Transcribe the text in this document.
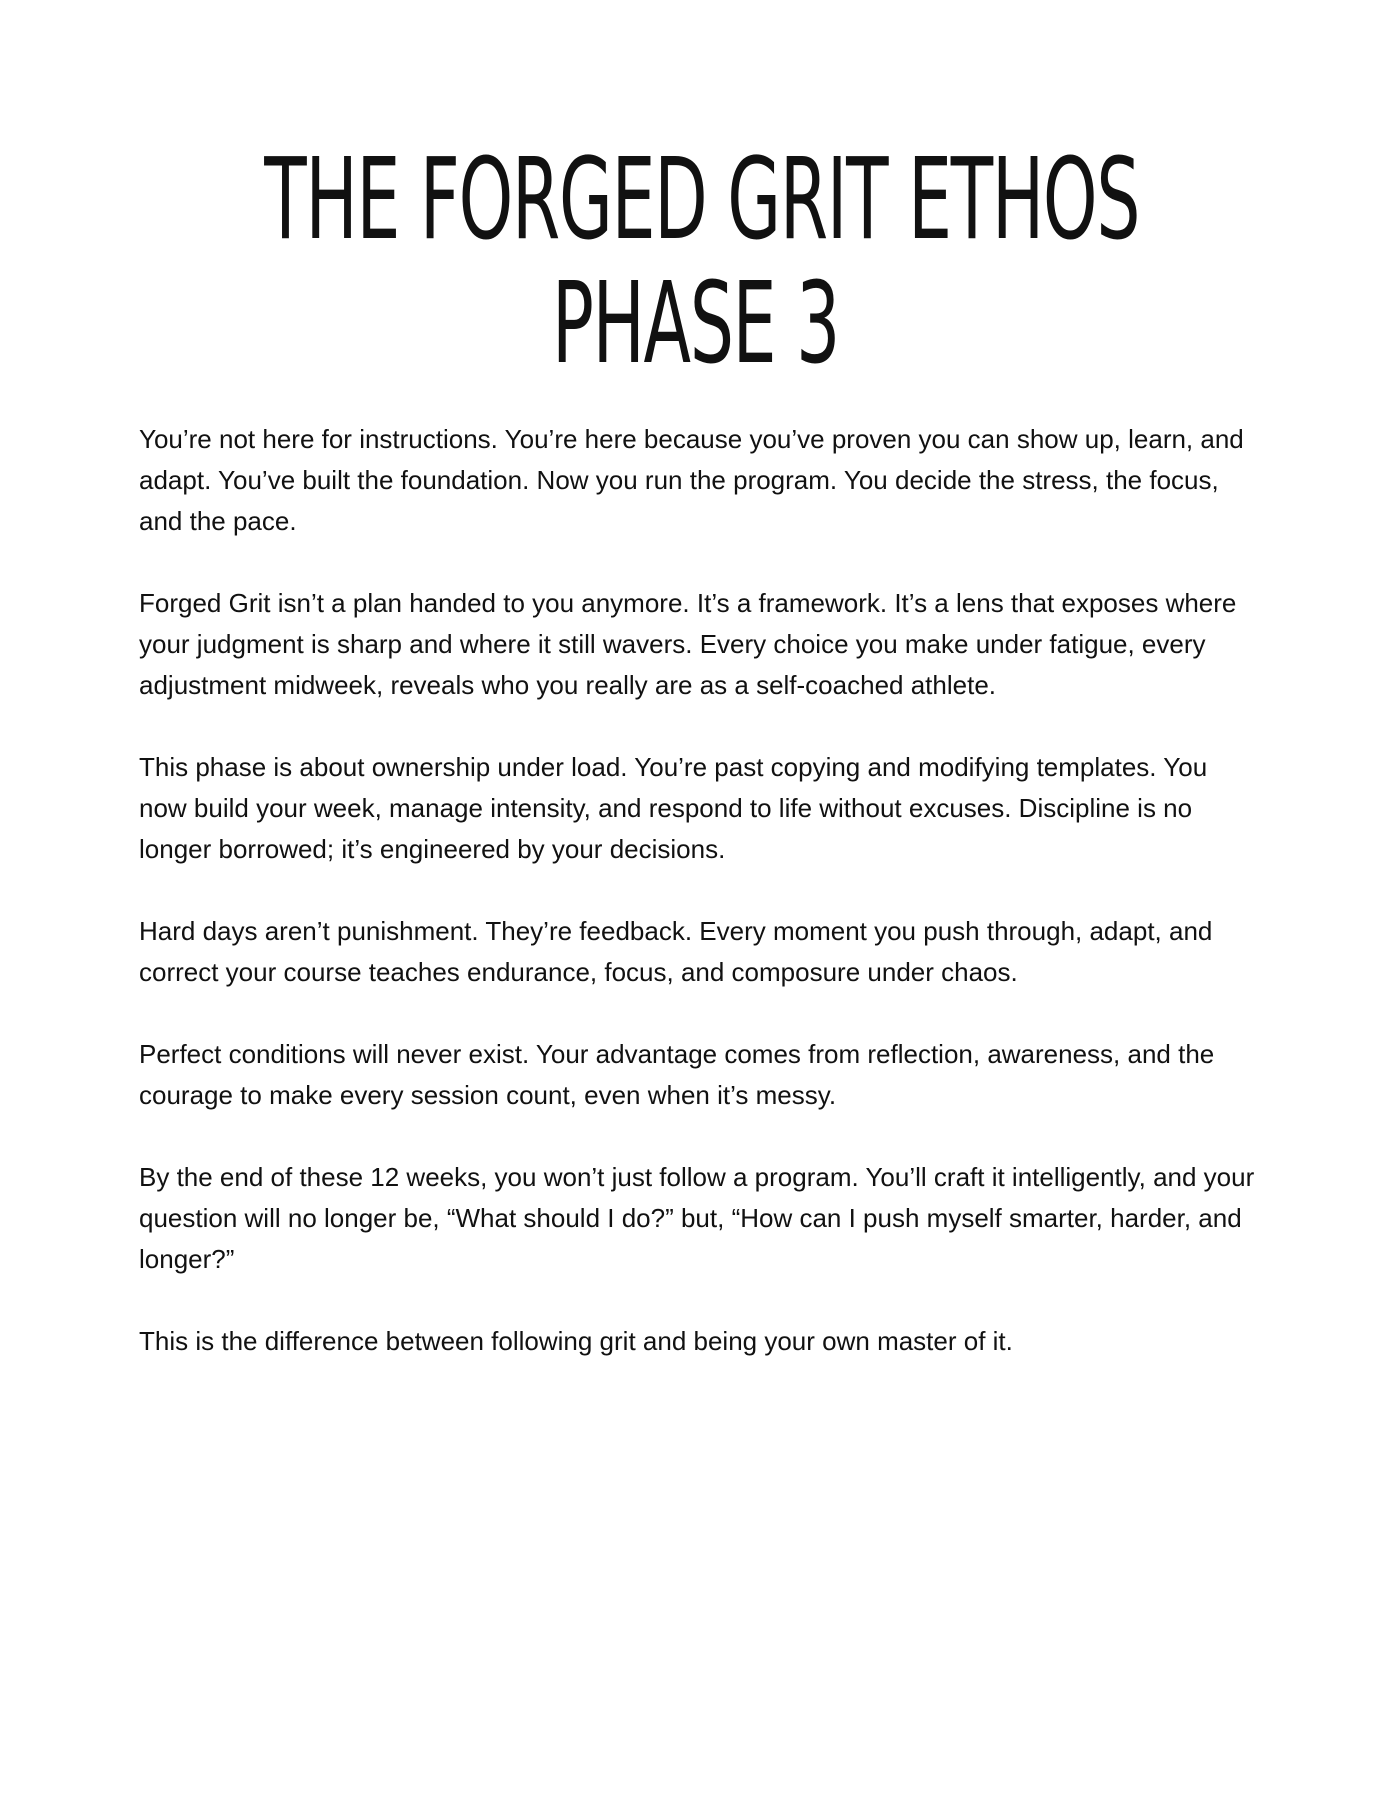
THE FORGED GRIT ETHOS
PHASE 3

You’re not here for instructions. You’re here because you’ve proven you can show up, learn, and adapt. You’ve built the foundation. Now you run the program. You decide the stress, the focus, and the pace.

Forged Grit isn’t a plan handed to you anymore. It’s a framework. It’s a lens that exposes where your judgment is sharp and where it still wavers. Every choice you make under fatigue, every adjustment midweek, reveals who you really are as a self-coached athlete.

This phase is about ownership under load. You’re past copying and modifying templates. You now build your week, manage intensity, and respond to life without excuses. Discipline is no longer borrowed; it’s engineered by your decisions.

Hard days aren’t punishment. They’re feedback. Every moment you push through, adapt, and correct your course teaches endurance, focus, and composure under chaos.

Perfect conditions will never exist. Your advantage comes from reflection, awareness, and the courage to make every session count, even when it’s messy.

By the end of these 12 weeks, you won’t just follow a program. You’ll craft it intelligently, and your question will no longer be, “What should I do?” but, “How can I push myself smarter, harder, and longer?”

This is the difference between following grit and being your own master of it.
